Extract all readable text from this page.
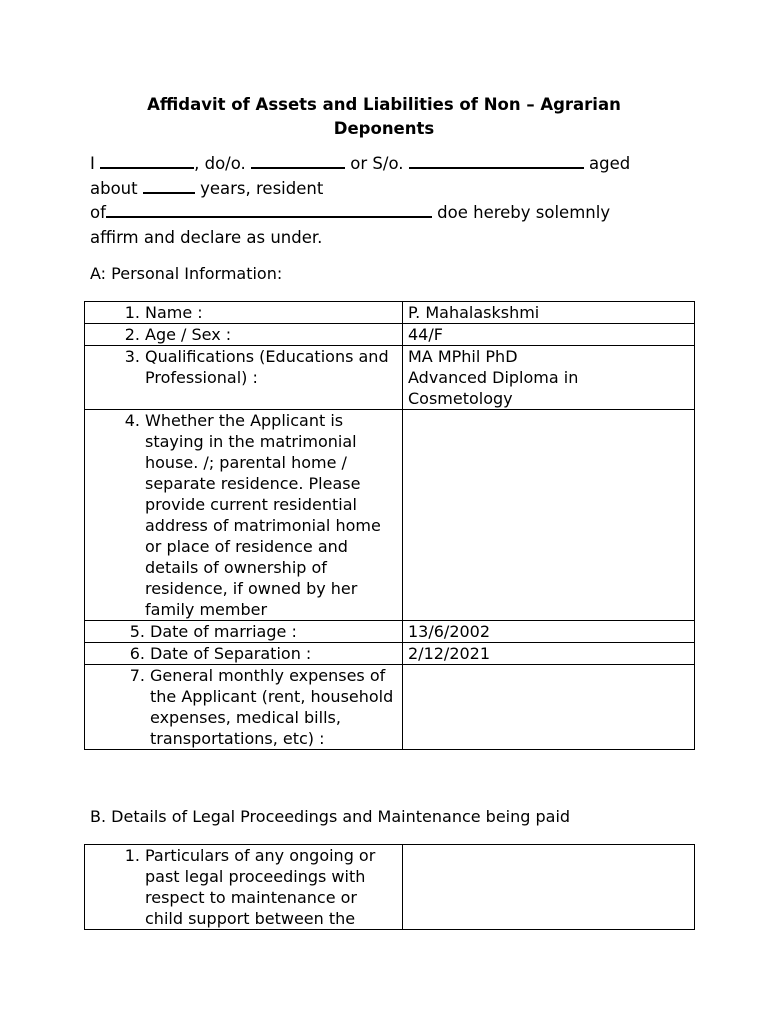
Affidavit of Assets and Liabilities of Non – Agrarian
Deponents
I	, do/o.	or S/o.	aged
about	years, resident
of	doe hereby solemnly
affirm and declare as under.
A: Personal Information:
1. Name :	P. Mahalaskshmi

2. Age / Sex :	44/F

3. Qualifications (Educations and Professional) :	MA MPhil PhD
Advanced Diploma in
Cosmetology

4. Whether the Applicant is staying in the matrimonial house. /; parental home / separate residence. Please provide current residential address of matrimonial home or place of residence and details of ownership of residence, if owned by her family member	

5. Date of marriage :	13/6/2002

6. Date of Separation :	2/12/2021

7. General monthly expenses of the Applicant (rent, household expenses, medical bills, transportations, etc) :	

B. Details of Legal Proceedings and Maintenance being paid
1. Particulars of any ongoing or past legal proceedings with respect to maintenance or child support between the
